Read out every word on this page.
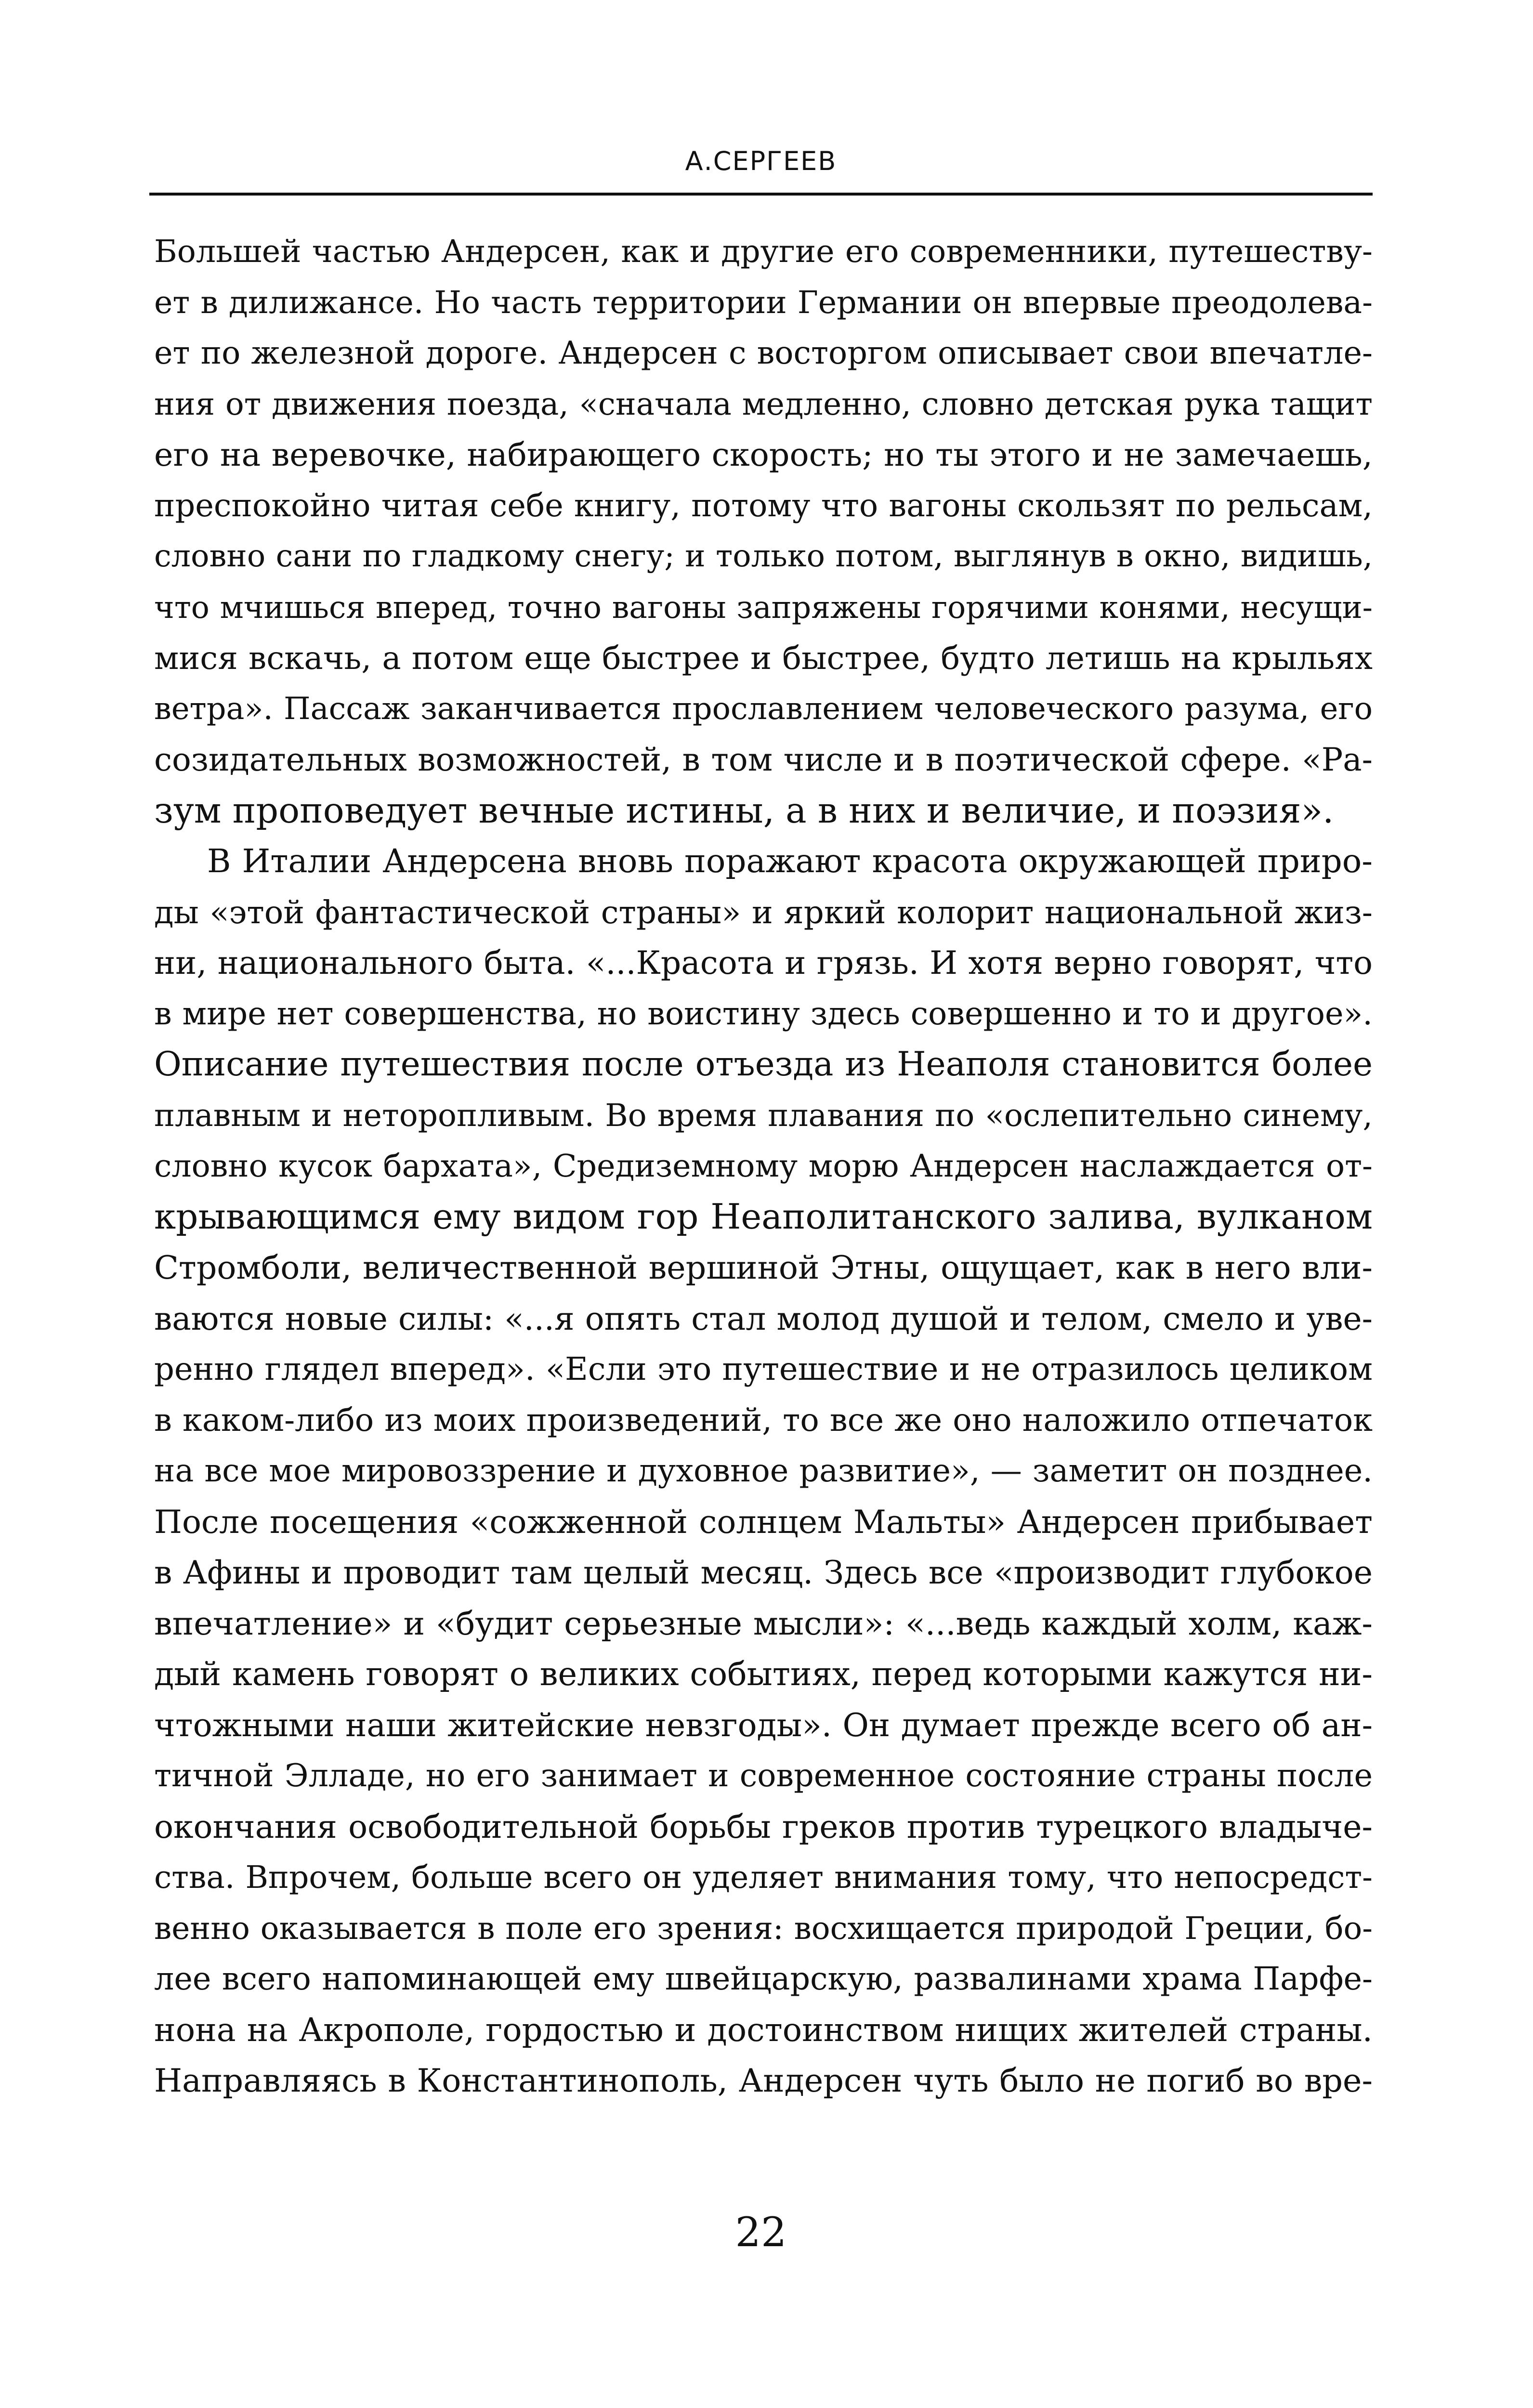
А.СЕРГЕЕВ
Большей частью Андерсен, как и другие его современники, путешеству-
ет в дилижансе. Но часть территории Германии он впервые преодолева-
ет по железной дороге. Андерсен с восторгом описывает свои впечатле-
ния от движения поезда, «сначала медленно, словно детская рука тащит
его на веревочке, набирающего скорость; но ты этого и не замечаешь,
преспокойно читая себе книгу, потому что вагоны скользят по рельсам,
словно сани по гладкому снегу; и только потом, выглянув в окно, видишь,
что мчишься вперед, точно вагоны запряжены горячими конями, несущи-
мися вскачь, а потом еще быстрее и быстрее, будто летишь на крыльях
ветра». Пассаж заканчивается прославлением человеческого разума, его
созидательных возможностей, в том числе и в поэтической сфере. «Ра-
зум проповедует вечные истины, а в них и величие, и поэзия».
В Италии Андерсена вновь поражают красота окружающей приро-
ды «этой фантастической страны» и яркий колорит национальной жиз-
ни, национального быта. «...Красота и грязь. И хотя верно говорят, что
в мире нет совершенства, но воистину здесь совершенно и то и другое».
Описание путешествия после отъезда из Неаполя становится более
плавным и неторопливым. Во время плавания по «ослепительно синему,
словно кусок бархата», Средиземному морю Андерсен наслаждается от-
крывающимся ему видом гор Неаполитанского залива, вулканом
Стромболи, величественной вершиной Этны, ощущает, как в него вли-
ваются новые силы: «...я опять стал молод душой и телом, смело и уве-
ренно глядел вперед». «Если это путешествие и не отразилось целиком
в каком-либо из моих произведений, то все же оно наложило отпечаток
на все мое мировоззрение и духовное развитие», — заметит он позднее.
После посещения «сожженной солнцем Мальты» Андерсен прибывает
в Афины и проводит там целый месяц. Здесь все «производит глубокое
впечатление» и «будит серьезные мысли»: «...ведь каждый холм, каж-
дый камень говорят о великих событиях, перед которыми кажутся ни-
чтожными наши житейские невзгоды». Он думает прежде всего об ан-
тичной Элладе, но его занимает и современное состояние страны после
окончания освободительной борьбы греков против турецкого владыче-
ства. Впрочем, больше всего он уделяет внимания тому, что непосредст-
венно оказывается в поле его зрения: восхищается природой Греции, бо-
лее всего напоминающей ему швейцарскую, развалинами храма Парфе-
нона на Акрополе, гордостью и достоинством нищих жителей страны.
Направляясь в Константинополь, Андерсен чуть было не погиб во вре-
22
